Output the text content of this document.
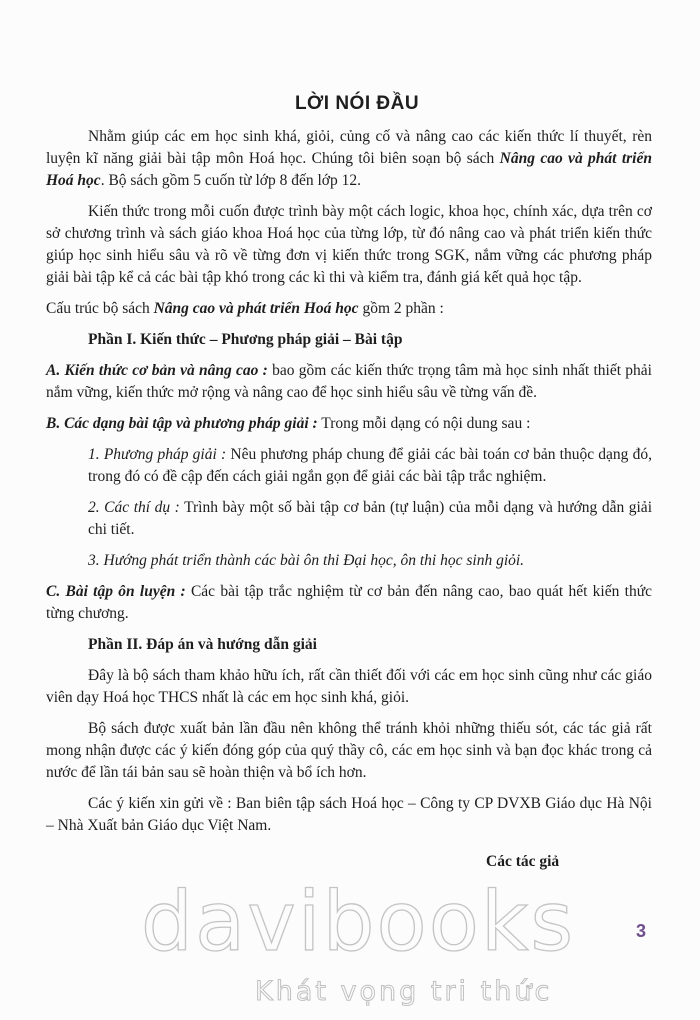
LỜI NÓI ĐẦU

Nhằm giúp các em học sinh khá, giỏi, củng cố và nâng cao các kiến thức lí thuyết, rèn luyện kĩ năng giải bài tập môn Hoá học. Chúng tôi biên soạn bộ sách Nâng cao và phát triển Hoá học. Bộ sách gồm 5 cuốn từ lớp 8 đến lớp 12.

Kiến thức trong mỗi cuốn được trình bày một cách logic, khoa học, chính xác, dựa trên cơ sở chương trình và sách giáo khoa Hoá học của từng lớp, từ đó nâng cao và phát triển kiến thức giúp học sinh hiểu sâu và rõ về từng đơn vị kiến thức trong SGK, nắm vững các phương pháp giải bài tập kể cả các bài tập khó trong các kì thi và kiểm tra, đánh giá kết quả học tập.

Cấu trúc bộ sách Nâng cao và phát triển Hoá học gồm 2 phần :

Phần I. Kiến thức – Phương pháp giải – Bài tập

A. Kiến thức cơ bản và nâng cao : bao gồm các kiến thức trọng tâm mà học sinh nhất thiết phải nắm vững, kiến thức mở rộng và nâng cao để học sinh hiểu sâu về từng vấn đề.

B. Các dạng bài tập và phương pháp giải : Trong mỗi dạng có nội dung sau :

1. Phương pháp giải : Nêu phương pháp chung để giải các bài toán cơ bản thuộc dạng đó, trong đó có đề cập đến cách giải ngắn gọn để giải các bài tập trắc nghiệm.

2. Các thí dụ : Trình bày một số bài tập cơ bản (tự luận) của mỗi dạng và hướng dẫn giải chi tiết.

3. Hướng phát triển thành các bài ôn thi Đại học, ôn thi học sinh giỏi.

C. Bài tập ôn luyện : Các bài tập trắc nghiệm từ cơ bản đến nâng cao, bao quát hết kiến thức từng chương.

Phần II. Đáp án và hướng dẫn giải

Đây là bộ sách tham khảo hữu ích, rất cần thiết đối với các em học sinh cũng như các giáo viên dạy Hoá học THCS nhất là các em học sinh khá, giỏi.

Bộ sách được xuất bản lần đầu nên không thể tránh khỏi những thiếu sót, các tác giả rất mong nhận được các ý kiến đóng góp của quý thầy cô, các em học sinh và bạn đọc khác trong cả nước để lần tái bản sau sẽ hoàn thiện và bổ ích hơn.

Các ý kiến xin gửi về : Ban biên tập sách Hoá học – Công ty CP DVXB Giáo dục Hà Nội – Nhà Xuất bản Giáo dục Việt Nam.

Các tác giả
3
davibooks
Khát vọng tri thức
